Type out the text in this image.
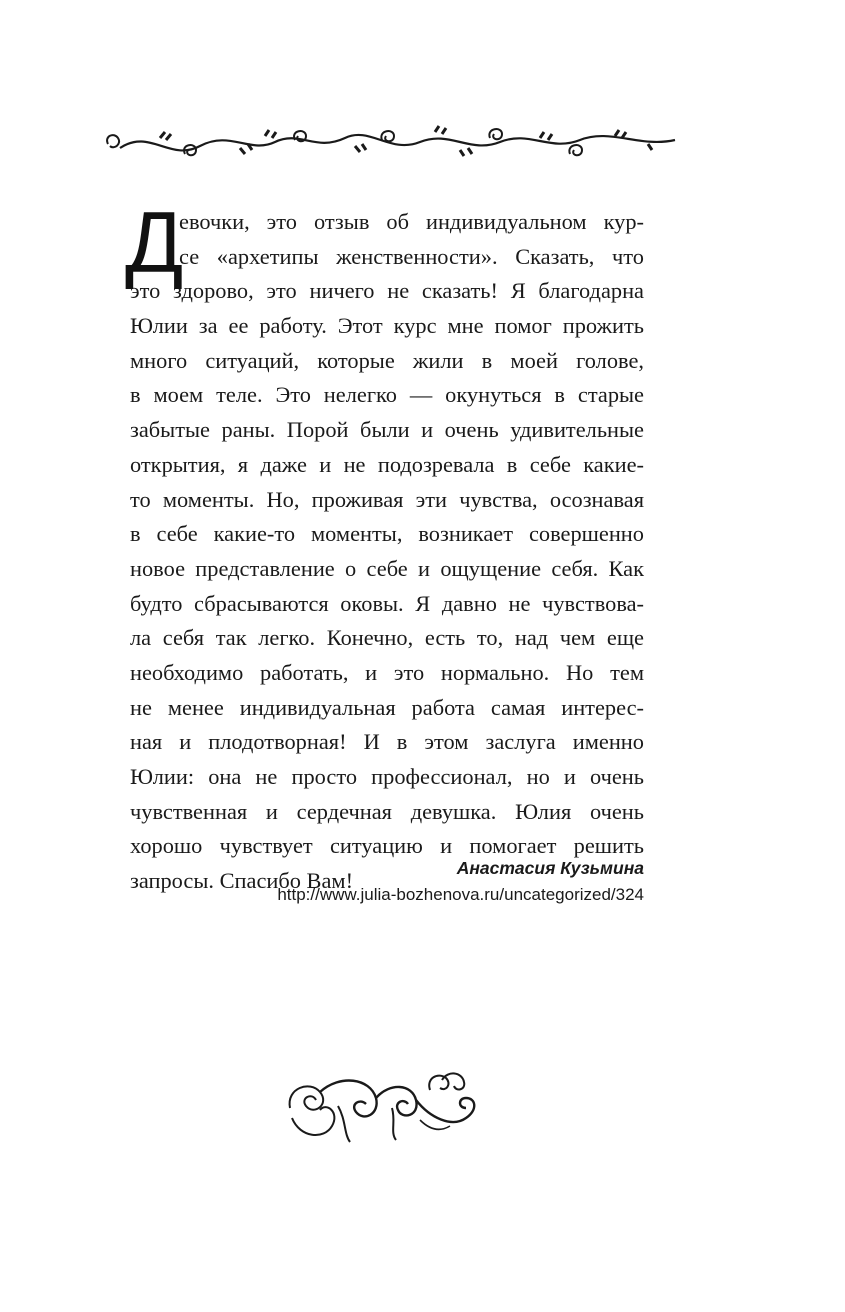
Д
евочки, это отзыв об индивидуальном кур-
се «архетипы женственности». Сказать, что
это здорово, это ничего не сказать! Я благодарна
Юлии за ее работу. Этот курс мне помог прожить
много ситуаций, которые жили в моей голове,
в моем теле. Это нелегко — окунуться в старые
забытые раны. Порой были и очень удивительные
открытия, я даже и не подозревала в себе какие-
то моменты. Но, проживая эти чувства, осознавая
в себе какие-то моменты, возникает совершенно
новое представление о себе и ощущение себя. Как
будто сбрасываются оковы. Я давно не чувствова-
ла себя так легко. Конечно, есть то, над чем еще
необходимо работать, и это нормально. Но тем
не менее индивидуальная работа самая интерес-
ная и плодотворная! И в этом заслуга именно
Юлии: она не просто профессионал, но и очень
чувственная и сердечная девушка. Юлия очень
хорошо чувствует ситуацию и помогает решить
запросы. Спасибо Вам!
Анастасия Кузьмина
http://www.julia-bozhenova.ru/uncategorized/324
